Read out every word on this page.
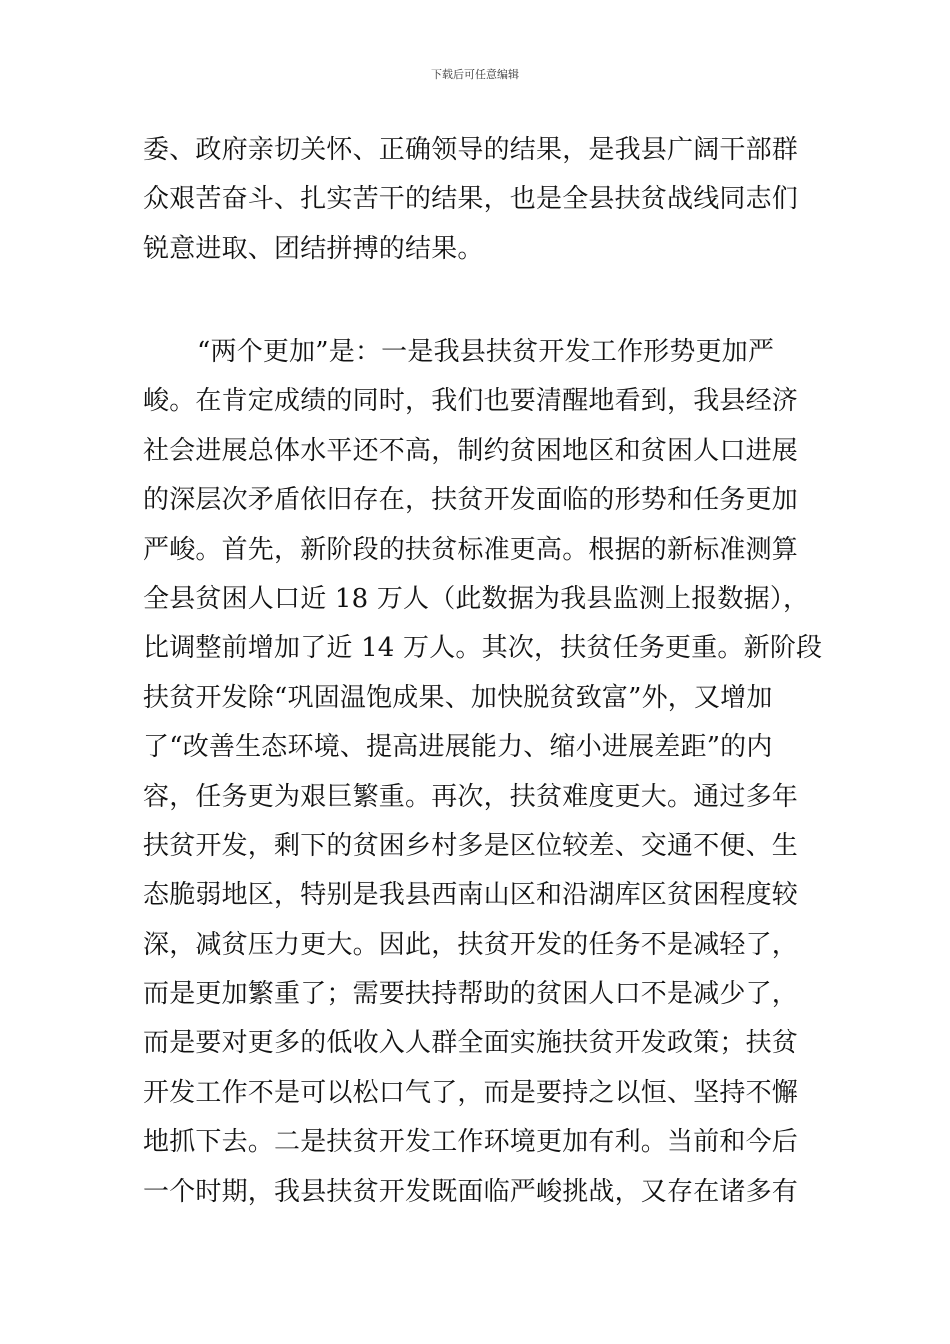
下载后可任意编辑
委、政府亲切关怀、正确领导的结果，是我县广阔干部群
众艰苦奋斗、扎实苦干的结果，也是全县扶贫战线同志们
锐意进取、团结拼搏的结果。
“两个更加”是：一是我县扶贫开发工作形势更加严
峻。在肯定成绩的同时，我们也要清醒地看到，我县经济
社会进展总体水平还不高，制约贫困地区和贫困人口进展
的深层次矛盾依旧存在，扶贫开发面临的形势和任务更加
严峻。首先，新阶段的扶贫标准更高。根据的新标准测算
全县贫困人口近 18 万人（此数据为我县监测上报数据），
比调整前增加了近 14 万人。其次，扶贫任务更重。新阶段
扶贫开发除“巩固温饱成果、加快脱贫致富”外，又增加
了“改善生态环境、提高进展能力、缩小进展差距”的内
容，任务更为艰巨繁重。再次，扶贫难度更大。通过多年
扶贫开发，剩下的贫困乡村多是区位较差、交通不便、生
态脆弱地区，特别是我县西南山区和沿湖库区贫困程度较
深，减贫压力更大。因此，扶贫开发的任务不是减轻了，
而是更加繁重了；需要扶持帮助的贫困人口不是减少了，
而是要对更多的低收入人群全面实施扶贫开发政策；扶贫
开发工作不是可以松口气了，而是要持之以恒、坚持不懈
地抓下去。二是扶贫开发工作环境更加有利。当前和今后
一个时期，我县扶贫开发既面临严峻挑战，又存在诸多有
